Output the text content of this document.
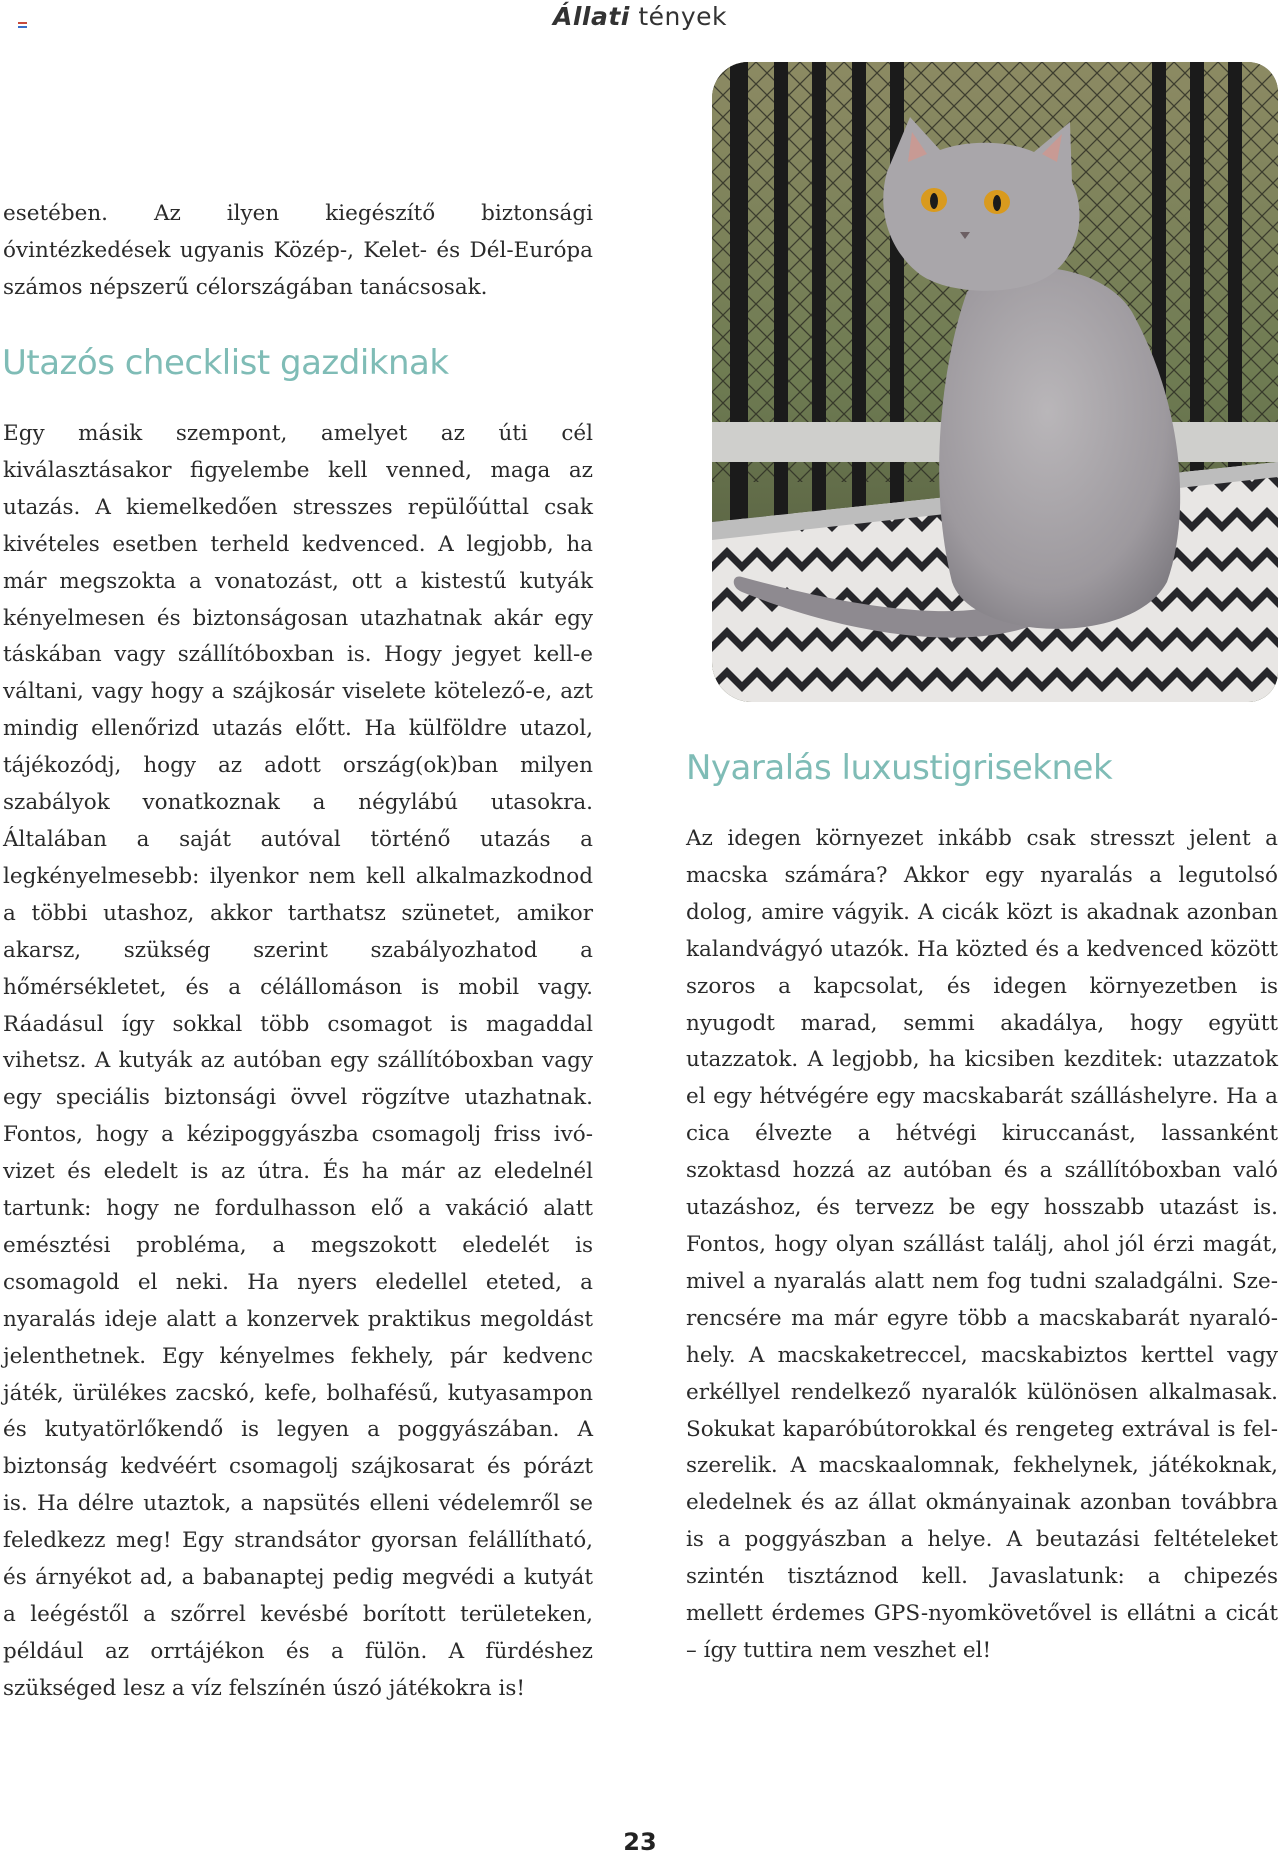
Állati tények

esetében. Az ilyen kiegészítő biztonsági óvintézkedések ugyanis Közép-, Kelet- és Dél-Európa számos népszerű célországában tanácsosak.

Utazós checklist gazdiknak

Egy másik szempont, amelyet az úti cél kiválasztásakor figyelembe kell venned, maga az utazás. A kiemelkedően stresszes repülőúttal csak kivételes esetben terheld kedvenced. A legjobb, ha már megszokta a vonatozást, ott a kistestű kutyák kényelmesen és biztonságosan utazhatnak akár egy táskában vagy szállítóboxban is. Hogy jegyet kell-e váltani, vagy hogy a szájkosár viselete kötelező-e, azt mindig ellenőrizd utazás előtt. Ha külföldre utazol, tájékozódj, hogy az adott ország(ok)ban milyen szabályok vonatkoznak a négylábú utasokra. Általában a saját autóval történő utazás a legkényelmesebb: ilyenkor nem kell alkalmazkodnod a többi utashoz, akkor tarthatsz szünetet, amikor akarsz, szükség szerint szabályozhatod a hőmérsékletet, és a célállomáson is mobil vagy. Ráadásul így sokkal több csomagot is magaddal vihetsz. A kutyák az autóban egy szállítóboxban vagy egy speciális biztonsági övvel rögzítve utazhatnak. Fontos, hogy a kézipoggyászba csomagolj friss ivóvizet és eledelt is az útra. És ha már az eledelnél tartunk: hogy ne fordulhasson elő a vakáció alatt emésztési probléma, a megszokott eledelét is csomagold el neki. Ha nyers eledellel eteted, a nyaralás ideje alatt a konzervek praktikus megoldást jelenthetnek. Egy kényelmes fekhely, pár kedvenc játék, ürülékes zacskó, kefe, bolhafésű, kutyasampon és kutyatörlőkendő is legyen a poggyászában. A biztonság kedvéért csomagolj szájkosarat és pórázt is. Ha délre utaztok, a napsütés elleni védelemről se feledkezz meg! Egy strandsátor gyorsan felállítható, és árnyékot ad, a babanaptej pedig megvédi a kutyát a leégéstől a szőrrel kevésbé borított területeken, például az orrtájékon és a fülön. A fürdéshez szükséged lesz a víz felszínén úszó játékokra is!

Nyaralás luxustigriseknek

Az idegen környezet inkább csak stresszt jelent a macska számára? Akkor egy nyaralás a legutolsó dolog, amire vágyik. A cicák közt is akadnak azonban kalandvágyó utazók. Ha közted és a kedvenced között szoros a kapcsolat, és idegen környezetben is nyugodt marad, semmi akadálya, hogy együtt utazzatok. A legjobb, ha kicsiben kezditek: utazzatok el egy hétvégére egy macskabarát szálláshelyre. Ha a cica élvezte a hétvégi kiruccanást, lassanként szoktasd hozzá az autóban és a szállítóboxban való utazáshoz, és tervezz be egy hosszabb utazást is. Fontos, hogy olyan szállást találj, ahol jól érzi magát, mivel a nyaralás alatt nem fog tudni szaladgálni. Szerencsére ma már egyre több a macskabarát nyaralóhely. A macskaketreccel, macskabiztos kerttel vagy erkéllyel rendelkező nyaralók különösen alkalmasak. Sokukat kaparóbútorokkal és rengeteg extrával is felszerelik. A macskaalomnak, fekhelynek, játékoknak, eledelnek és az állat okmányainak azonban továbbra is a poggyászban a helye. A beutazási feltételeket szintén tisztáznod kell. Javaslatunk: a chipezés mellett érdemes GPS-nyomkövetővel is ellátni a cicát – így tuttira nem veszhet el!

23
